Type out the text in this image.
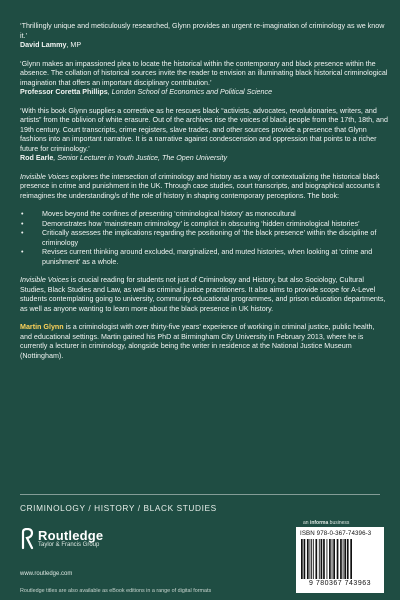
‘Thrillingly unique and meticulously researched, Glynn provides an urgent re-imagination of criminology as we know it.’

David Lammy, MP

‘Glynn makes an impassioned plea to locate the historical within the contemporary and black presence within the absence. The collation of historical sources invite the reader to envision an illuminating black historical criminological imagination that offers an important disciplinary contribution.’

Professor Coretta Phillips, London School of Economics and Political Science

‘With this book Glynn supplies a corrective as he rescues black “activists, advocates, revolutionaries, writers, and artists” from the oblivion of white erasure. Out of the archives rise the voices of black people from the 17th, 18th, and 19th century. Court transcripts, crime registers, slave trades, and other sources provide a presence that Glynn fashions into an important narrative. It is a narrative against condescension and oppression that points to a richer future for criminology.’

Rod Earle, Senior Lecturer in Youth Justice, The Open University

Invisible Voices explores the intersection of criminology and history as a way of contextualizing the historical black presence in crime and punishment in the UK. Through case studies, court transcripts, and biographical accounts it reimagines the understanding/s of the role of history in shaping contemporary perceptions. The book:

•	Moves beyond the confines of presenting ‘criminological history’ as monocultural
•	Demonstrates how ‘mainstream criminology’ is complicit in obscuring ‘hidden criminological histories’
•	Critically assesses the implications regarding the positioning of ‘the black presence’ within the discipline of criminology
•	Revises current thinking around excluded, marginalized, and muted histories, when looking at ‘crime and punishment’ as a whole.

Invisible Voices is crucial reading for students not just of Criminology and History, but also Sociology, Cultural Studies, Black Studies and Law, as well as criminal justice practitioners. It also aims to provide scope for A-Level students contemplating going to university, community educational programmes, and prison education departments, as well as anyone wanting to learn more about the black presence in UK history.

Martin Glynn is a criminologist with over thirty-five years’ experience of working in criminal justice, public health, and educational settings. Martin gained his PhD at Birmingham City University in February 2013, where he is currently a lecturer in criminology, alongside being the writer in residence at the National Justice Museum (Nottingham).

CRIMINOLOGY / HISTORY / BLACK STUDIES
an informa business
Routledge
Taylor & Francis Group
www.routledge.com
Routledge titles are also available as eBook editions in a range of digital formats
ISBN 978-0-367-74396-3
9 780367 743963
